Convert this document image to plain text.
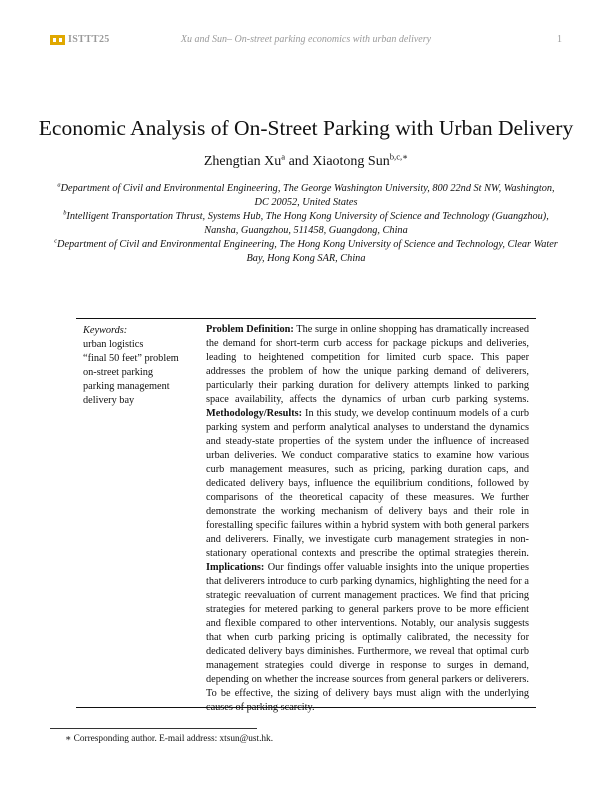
ISTTT25	Xu and Sun– On-street parking economics with urban delivery	1
Economic Analysis of On-Street Parking with Urban Delivery
Zhengtian Xu$^a$ and Xiaotong Sun$^{b,c,∗}$

$^a$Department of Civil and Environmental Engineering, The George Washington University, 800 22nd St NW, Washington, DC 20052, United States

$^b$Intelligent Transportation Thrust, Systems Hub, The Hong Kong University of Science and Technology (Guangzhou), Nansha, Guangzhou, 511458, Guangdong, China

$^c$Department of Civil and Environmental Engineering, The Hong Kong University of Science and Technology, Clear Water Bay, Hong Kong SAR, China

Keywords:
urban logistics
“final 50 feet” problem
on-street parking
parking management
delivery bay
Problem Definition: The surge in online shopping has dramatically increased the demand for short-term curb access for package pickups and deliveries, leading to heightened competition for limited curb space. This paper addresses the problem of how the unique parking demand of deliverers, particularly their parking duration for delivery attempts linked to parking space availability, affects the dynamics of urban curb parking systems. Methodology/Results: In this study, we develop continuum models of a curb parking system and perform analytical analyses to understand the dynamics and steady-state properties of the system under the influence of increased urban deliveries. We conduct comparative statics to examine how various curb management measures, such as pricing, parking duration caps, and dedicated delivery bays, influence the equilibrium conditions, followed by comparisons of the theoretical capacity of these measures. We further demonstrate the working mechanism of delivery bays and their role in forestalling specific failures within a hybrid system with both general parkers and deliverers. Finally, we investigate curb management strategies in non-stationary operational contexts and prescribe the optimal strategies therein. Implications: Our findings offer valuable insights into the unique properties that deliverers introduce to curb parking dynamics, highlighting the need for a strategic reevaluation of current management practices. We find that pricing strategies for metered parking to general parkers prove to be more efficient and flexible compared to other interventions. Notably, our analysis suggests that when curb parking pricing is optimally calibrated, the necessity for dedicated delivery bays diminishes. Furthermore, we reveal that optimal curb management strategies could diverge in response to surges in demand, depending on whether the increase sources from general parkers or deliverers. To be effective, the sizing of delivery bays must align with the underlying causes of parking scarcity.
∗ Corresponding author. E-mail address: xtsun@ust.hk.
